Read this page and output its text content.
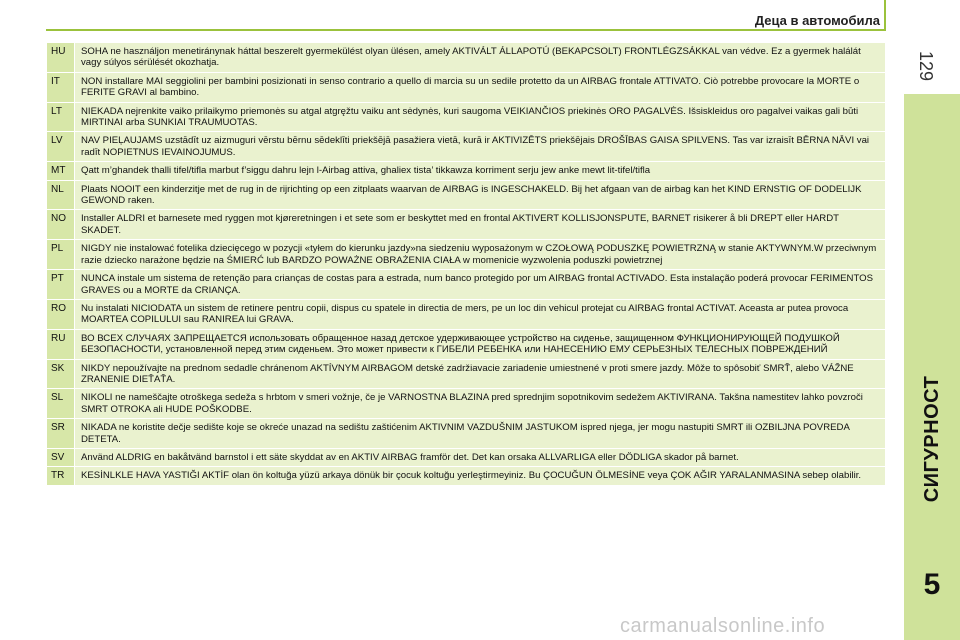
Деца в автомобила
129
СИГУРНОСТ
5
HU	SOHA ne használjon menetiránynak háttal beszerelt gyermekülést olyan ülésen, amely AKTIVÁLT ÁLLAPOTÚ (BEKAPCSOLT) FRONTLÉGZSÁKKAL van védve. Ez a gyermek halálát vagy súlyos sérülését okozhatja.
IT	NON installare MAI seggiolini per bambini posizionati in senso contrario a quello di marcia su un sedile protetto da un AIRBAG frontale ATTIVATO. Ciò potrebbe provocare la MORTE o FERITE GRAVI al bambino.
LT	NIEKADA nejrenkite vaiko prilaikymo priemonės su atgal atgręžtu vaiku ant sėdynės, kuri saugoma VEIKIANČIOS priekinės ORO PAGALVĖS. Išsiskleidus oro pagalvei vaikas gali būti MIRTINAI arba SUNKIAI TRAUMUOTAS.
LV	NAV PIEĻAUJAMS uzstādīt uz aizmuguri vērstu bērnu sēdeklīti priekšējā pasažiera vietā, kurā ir AKTIVIZĒTS priekšējais DROŠĪBAS GAISA SPILVENS. Tas var izraisīt BĒRNA NĀVI vai radīt NOPIETNUS IEVAINOJUMUS.
MT	Qatt m’ghandek thalli tifel/tifla marbut f’siggu dahru lejn l-Airbag attiva, ghaliex tista’ tikkawza korriment serju jew anke mewt lit-tifel/tifla
NL	Plaats NOOIT een kinderzitje met de rug in de rijrichting op een zitplaats waarvan de AIRBAG is INGESCHAKELD. Bij het afgaan van de airbag kan het KIND ERNSTIG OF DODELIJK GEWOND raken.
NO	Installer ALDRI et barnesete med ryggen mot kjøreretningen i et sete som er beskyttet med en frontal AKTIVERT KOLLISJONSPUTE, BARNET risikerer å bli DREPT eller HARDT SKADET.
PL	NIGDY nie instalować fotelika dziecięcego w pozycji «tyłem do kierunku jazdy»na siedzeniu wyposażonym w CZOŁOWĄ PODUSZKĘ POWIETRZNĄ w stanie AKTYWNYM.W przeciwnym razie dziecko narażone będzie na ŚMIERĆ lub BARDZO POWAŻNE OBRAŻENIA CIAŁA w momenicie wyzwolenia poduszki powietrznej
PT	NUNCA instale um sistema de retenção para crianças de costas para a estrada, num banco protegido por um AIRBAG frontal ACTIVADO. Esta instalação poderá provocar FERIMENTOS GRAVES ou a MORTE da CRIANÇA.
RO	Nu instalati NICIODATA un sistem de retinere pentru copii, dispus cu spatele in directia de mers, pe un loc din vehicul protejat cu AIRBAG frontal ACTIVAT. Aceasta ar putea provoca MOARTEA COPILULUI sau RANIREA lui GRAVA.
RU	ВО ВСЕХ СЛУЧАЯХ ЗАПРЕЩАЕТСЯ использовать обращенное назад детское удерживающее устройство на сиденье, защищенном ФУНКЦИОНИРУЮЩЕЙ ПОДУШКОЙ БЕЗОПАСНОСТИ, установленной перед этим сиденьем. Это может привести к ГИБЕЛИ РЕБЕНКА или НАНЕСЕНИЮ ЕМУ СЕРЬЕЗНЫХ ТЕЛЕСНЫХ ПОВРЕЖДЕНИЙ
SK	NIKDY nepoužívajte na prednom sedadle chránenom AKTÍVNYM AIRBAGOM detské zadržiavacie zariadenie umiestnené v proti smere jazdy. Môže to spôsobiť SMRŤ, alebo VÁŽNE ZRANENIE DIEŤAŤA.
SL	NIKOLI ne nameščajte otroškega sedeža s hrbtom v smeri vožnje, če je VARNOSTNA BLAZINA pred sprednjim sopotnikovim sedežem AKTIVIRANA. Takšna namestitev lahko povzroči SMRT OTROKA ali HUDE POŠKODBE.
SR	NIKADA ne koristite dečje sedište koje se okreće unazad na sedištu zaštićenim AKTIVNIM VAZDUŠNIM JASTUKOM ispred njega, jer mogu nastupiti SMRT ili OZBILJNA POVREDA DETETA.
SV	Använd ALDRIG en bakåtvänd barnstol i ett säte skyddat av en AKTIV AIRBAG framför det. Det kan orsaka ALLVARLIGA eller DÖDLIGA skador på barnet.
TR	KESİNLKLE HAVA YASTIĞI AKTİF olan ön koltuğa yüzü arkaya dönük bir çocuk koltuğu yerleştirmeyiniz. Bu ÇOCUĞUN ÖLMESİNE veya ÇOK AĞIR YARALANMASINA sebep olabilir.
carmanualsonline.info
